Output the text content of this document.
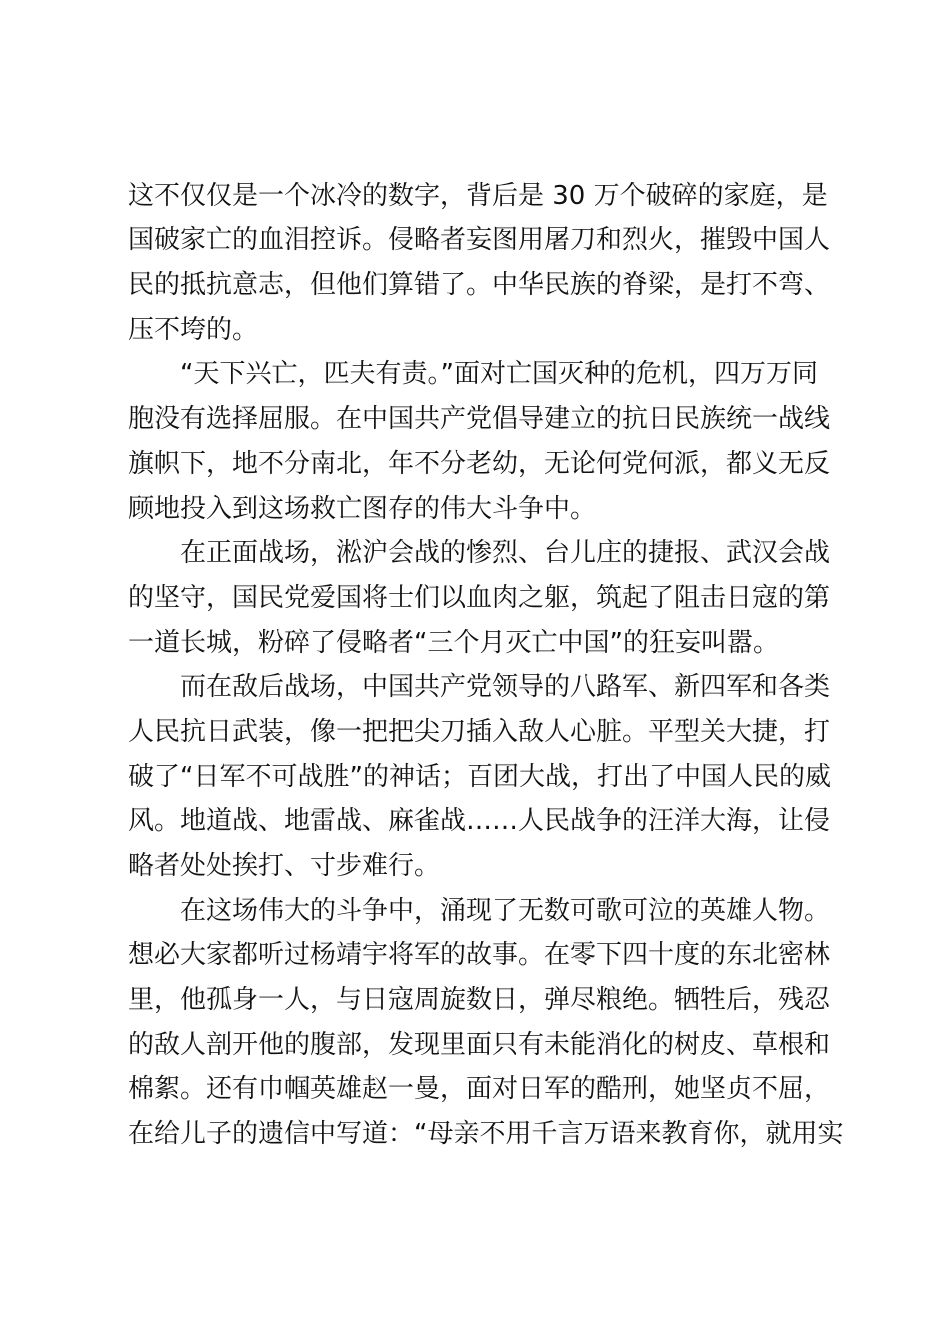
这不仅仅是一个冰冷的数字，背后是 30 万个破碎的家庭，是
国破家亡的血泪控诉。侵略者妄图用屠刀和烈火，摧毁中国人
民的抵抗意志，但他们算错了。中华民族的脊梁，是打不弯、
压不垮的。
“天下兴亡，匹夫有责。”面对亡国灭种的危机，四万万同
胞没有选择屈服。在中国共产党倡导建立的抗日民族统一战线
旗帜下，地不分南北，年不分老幼，无论何党何派，都义无反
顾地投入到这场救亡图存的伟大斗争中。
在正面战场，淞沪会战的惨烈、台儿庄的捷报、武汉会战
的坚守，国民党爱国将士们以血肉之躯，筑起了阻击日寇的第
一道长城，粉碎了侵略者“三个月灭亡中国”的狂妄叫嚣。
而在敌后战场，中国共产党领导的八路军、新四军和各类
人民抗日武装，像一把把尖刀插入敌人心脏。平型关大捷，打
破了“日军不可战胜”的神话；百团大战，打出了中国人民的威
风。地道战、地雷战、麻雀战……人民战争的汪洋大海，让侵
略者处处挨打、寸步难行。
在这场伟大的斗争中，涌现了无数可歌可泣的英雄人物。
想必大家都听过杨靖宇将军的故事。在零下四十度的东北密林
里，他孤身一人，与日寇周旋数日，弹尽粮绝。牺牲后，残忍
的敌人剖开他的腹部，发现里面只有未能消化的树皮、草根和
棉絮。还有巾帼英雄赵一曼，面对日军的酷刑，她坚贞不屈，
在给儿子的遗信中写道：“母亲不用千言万语来教育你，就用实
